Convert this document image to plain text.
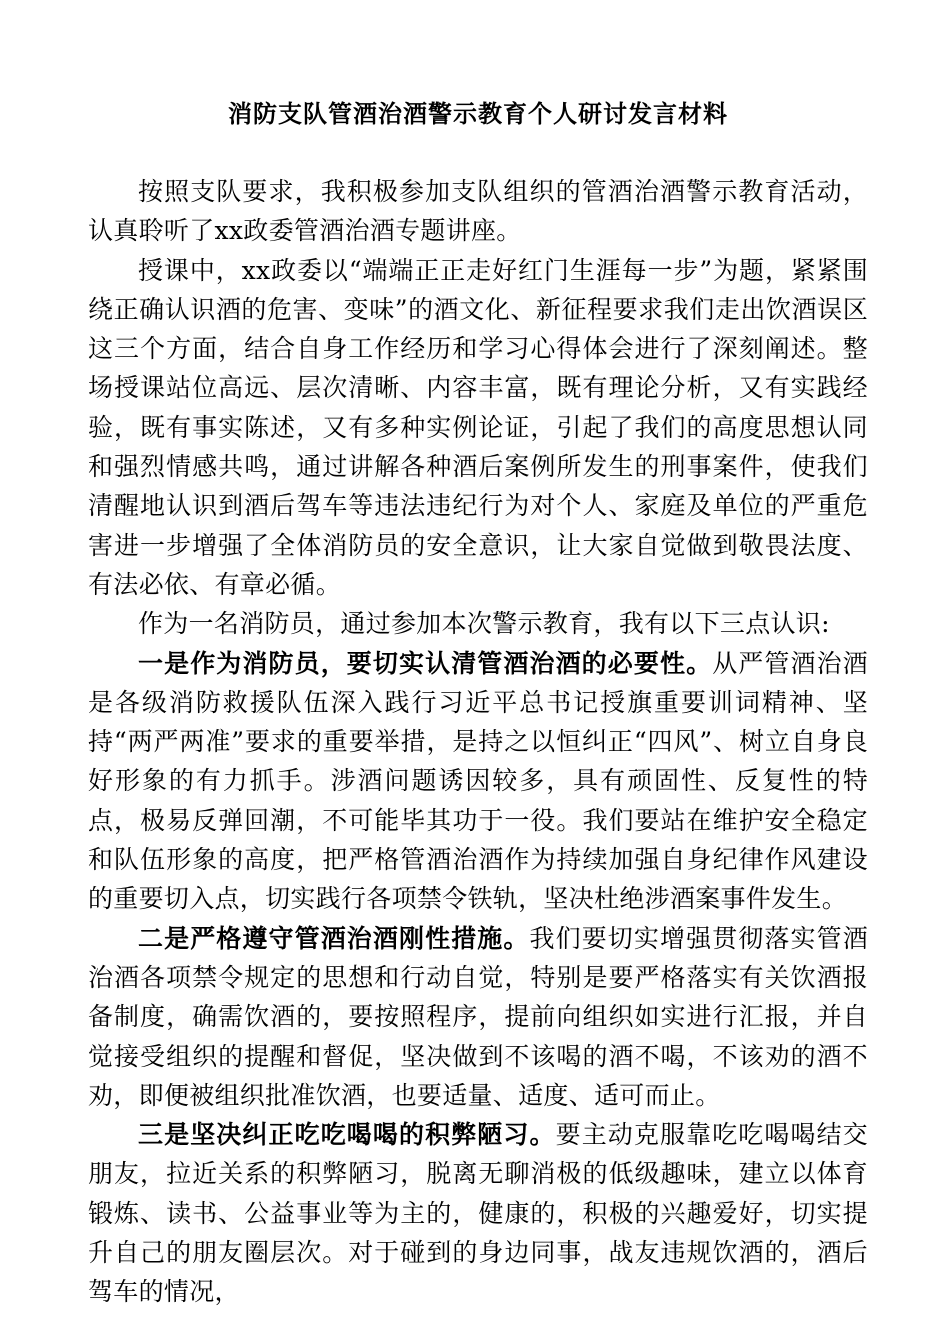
消防支队管酒治酒警示教育个人研讨发言材料

按照支队要求，我积极参加支队组织的管酒治酒警示教育活动，认真聆听了xx政委管酒治酒专题讲座。

授课中，xx政委以“端端正正走好红门生涯每一步”为题，紧紧围绕正确认识酒的危害、变味”的酒文化、新征程要求我们走出饮酒误区这三个方面，结合自身工作经历和学习心得体会进行了深刻阐述。整场授课站位高远、层次清晰、内容丰富，既有理论分析，又有实践经验，既有事实陈述，又有多种实例论证，引起了我们的高度思想认同和强烈情感共鸣，通过讲解各种酒后案例所发生的刑事案件，使我们清醒地认识到酒后驾车等违法违纪行为对个人、家庭及单位的严重危害进一步增强了全体消防员的安全意识，让大家自觉做到敬畏法度、有法必依、有章必循。

作为一名消防员，通过参加本次警示教育，我有以下三点认识:

一是作为消防员，要切实认清管酒治酒的必要性。从严管酒治酒是各级消防救援队伍深入践行习近平总书记授旗重要训词精神、坚持“两严两准”要求的重要举措，是持之以恒纠正“四风”、树立自身良好形象的有力抓手。涉酒问题诱因较多，具有顽固性、反复性的特点，极易反弹回潮，不可能毕其功于一役。我们要站在维护安全稳定和队伍形象的高度，把严格管酒治酒作为持续加强自身纪律作风建设的重要切入点，切实践行各项禁令铁轨，坚决杜绝涉酒案事件发生。

二是严格遵守管酒治酒刚性措施。我们要切实增强贯彻落实管酒治酒各项禁令规定的思想和行动自觉，特别是要严格落实有关饮酒报备制度，确需饮酒的，要按照程序，提前向组织如实进行汇报，并自觉接受组织的提醒和督促，坚决做到不该喝的酒不喝，不该劝的酒不劝，即便被组织批准饮酒，也要适量、适度、适可而止。

三是坚决纠正吃吃喝喝的积弊陋习。要主动克服靠吃吃喝喝结交朋友，拉近关系的积弊陋习，脱离无聊消极的低级趣味，建立以体育锻炼、读书、公益事业等为主的，健康的，积极的兴趣爱好，切实提升自己的朋友圈层次。对于碰到的身边同事，战友违规饮酒的，酒后驾车的情况，
